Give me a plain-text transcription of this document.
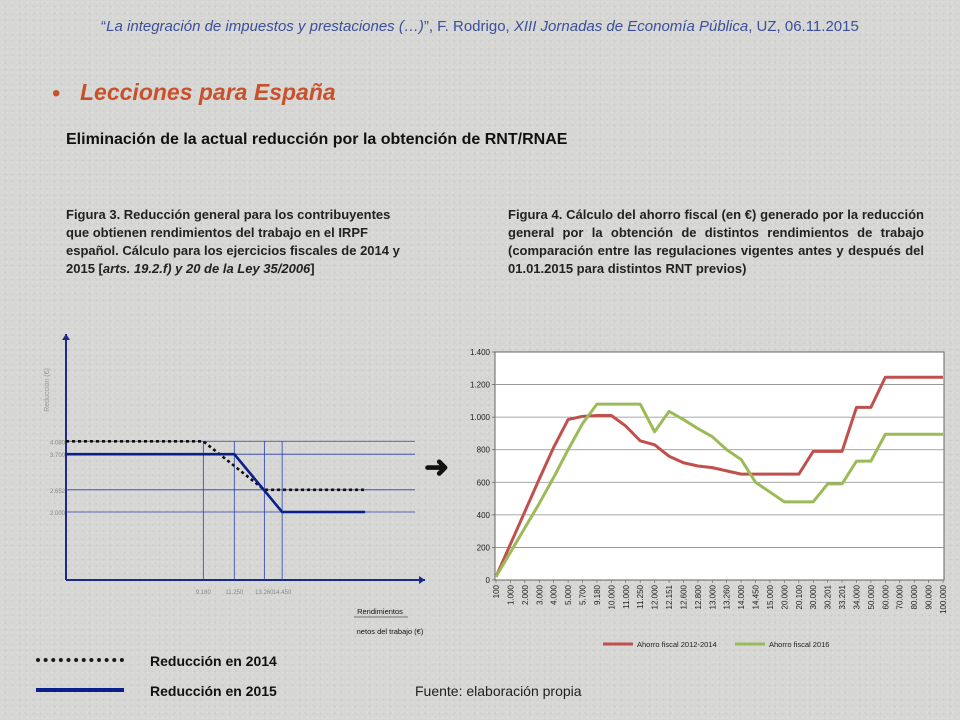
“La integración de impuestos y prestaciones (…)”, F. Rodrigo, XIII Jornadas de Economía Pública, UZ, 06.11.2015
• Lecciones para España
Eliminación de la actual reducción por la obtención de RNT/RNAE
Figura 3. Reducción general para los contribuyentes que obtienen rendimientos del trabajo en el IRPF español. Cálculo para los ejercicios fiscales de 2014 y 2015 [arts. 19.2.f) y 20 de la Ley 35/2006]
Figura 4. Cálculo del ahorro fiscal (en €) generado por la reducción general por la obtención de distintos rendimientos de trabajo (comparación entre las regulaciones vigentes antes y después del 01.01.2015 para distintos RNT previos)
2.000
2.652
3.700
4.080
9.180 11.250 13.260 14.450
Reducción (€)
Rendimientos
netos del trabajo (€)
➜
0
200
400
600
800
1.000
1.200
1.400
100 1.000 2.000 3.000 4.000 5.000 5.700 9.180 10.000 11.000 11.250 12.000 12.151 12.600 12.800 13.000 13.260 14.000 14.450 15.000 20.000 20.100 30.000 30.201 33.201 34.000 50.000 60.000 70.000 80.000 90.000 100.000
Ahorro fiscal 2012-2014	Ahorro fiscal 2016
Reducción en 2014
Reducción en 2015	Fuente: elaboración propia
